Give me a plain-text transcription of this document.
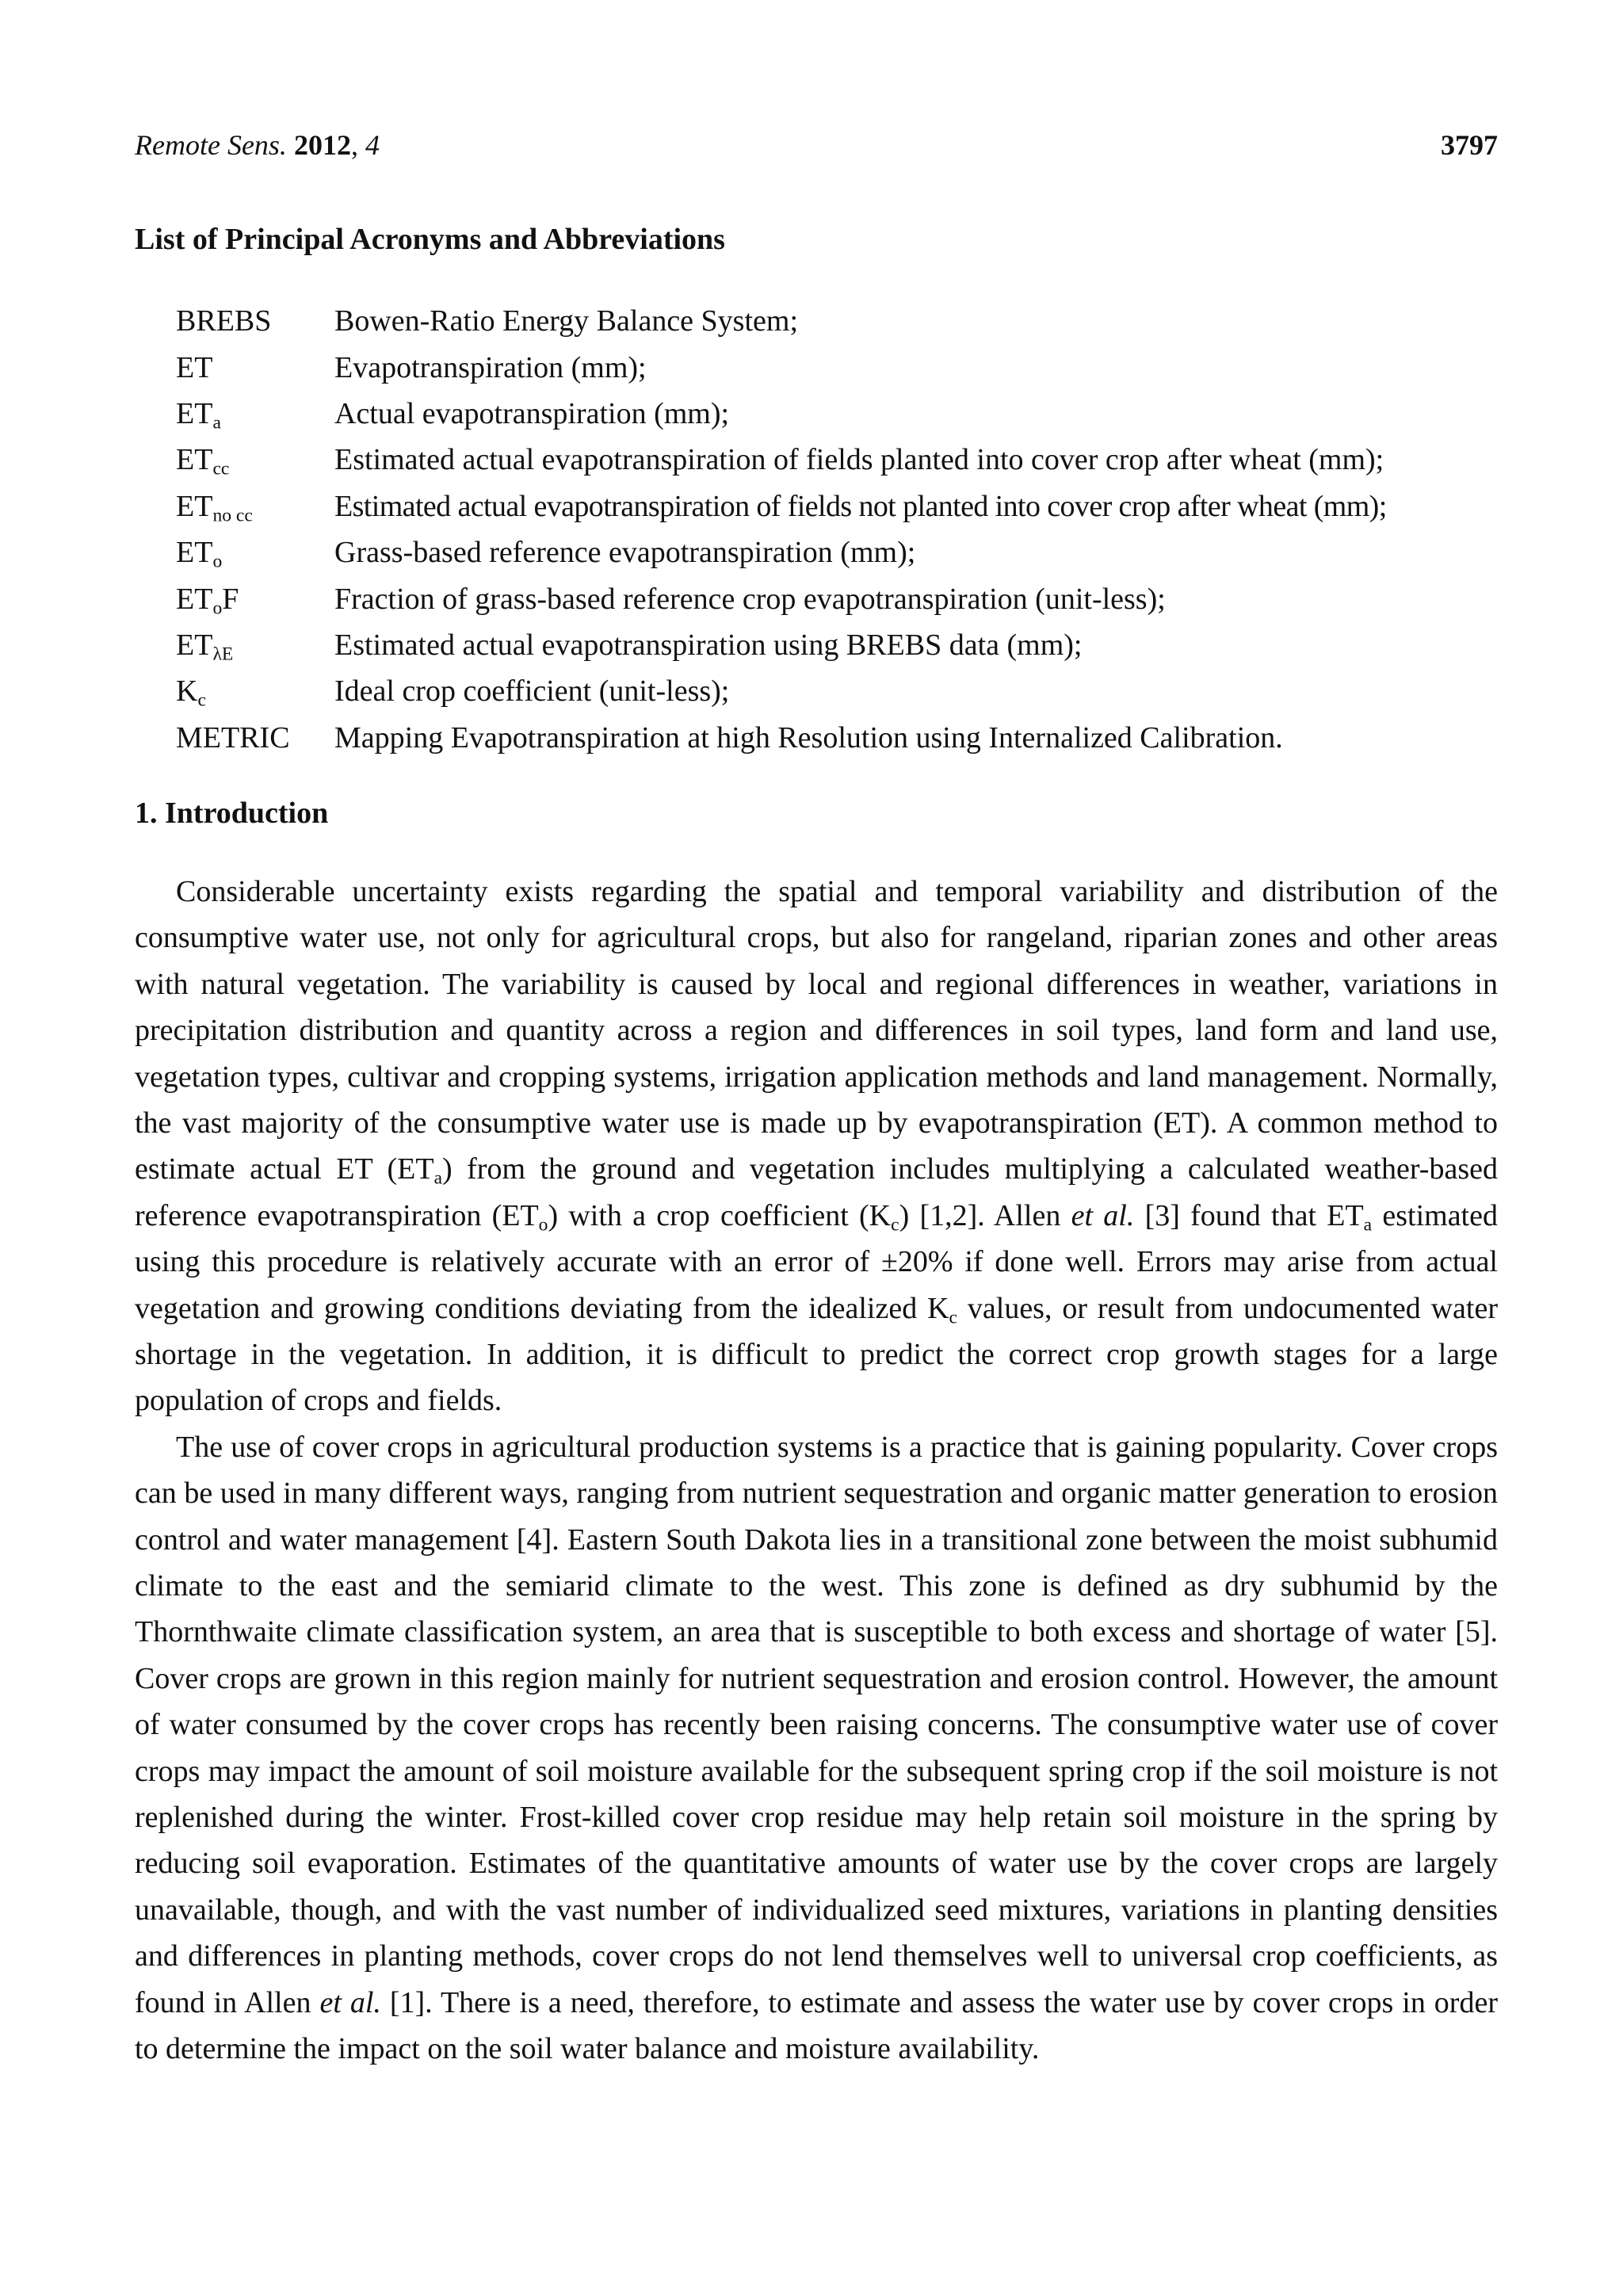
Remote Sens. 2012, 4	3797
List of Principal Acronyms and Abbreviations
BREBS	Bowen-Ratio Energy Balance System;
ET	Evapotranspiration (mm);
$ET_a$	Actual evapotranspiration (mm);
$ET_{cc}$	Estimated actual evapotranspiration of fields planted into cover crop after wheat (mm);
$ET_{no cc}$	Estimated actual evapotranspiration of fields not planted into cover crop after wheat (mm);
$ET_o$	Grass-based reference evapotranspiration (mm);
$ET_oF$	Fraction of grass-based reference crop evapotranspiration (unit-less);
$ET_{\lambda E}$	Estimated actual evapotranspiration using BREBS data (mm);
$K_c$	Ideal crop coefficient (unit-less);
METRIC	Mapping Evapotranspiration at high Resolution using Internalized Calibration.
1. Introduction

Considerable uncertainty exists regarding the spatial and temporal variability and distribution of the consumptive water use, not only for agricultural crops, but also for rangeland, riparian zones and other areas with natural vegetation. The variability is caused by local and regional differences in weather, variations in precipitation distribution and quantity across a region and differences in soil types, land form and land use, vegetation types, cultivar and cropping systems, irrigation application methods and land management. Normally, the vast majority of the consumptive water use is made up by evapotranspiration (ET). A common method to estimate actual ET $(ET_a)$ from the ground and vegetation includes multiplying a calculated weather-based reference evapotranspiration $(ET_o)$ with a crop coefficient $(K_c)$ [1,2]. Allen et al. [3] found that $ET_a$ estimated using this procedure is relatively accurate with an error of ±20% if done well. Errors may arise from actual vegetation and growing conditions deviating from the idealized $K_c$ values, or result from undocumented water shortage in the vegetation. In addition, it is difficult to predict the correct crop growth stages for a large population of crops and fields.

The use of cover crops in agricultural production systems is a practice that is gaining popularity. Cover crops can be used in many different ways, ranging from nutrient sequestration and organic matter generation to erosion control and water management [4]. Eastern South Dakota lies in a transitional zone between the moist subhumid climate to the east and the semiarid climate to the west. This zone is defined as dry subhumid by the Thornthwaite climate classification system, an area that is susceptible to both excess and shortage of water [5]. Cover crops are grown in this region mainly for nutrient sequestration and erosion control. However, the amount of water consumed by the cover crops has recently been raising concerns. The consumptive water use of cover crops may impact the amount of soil moisture available for the subsequent spring crop if the soil moisture is not replenished during the winter. Frost-killed cover crop residue may help retain soil moisture in the spring by reducing soil evaporation. Estimates of the quantitative amounts of water use by the cover crops are largely unavailable, though, and with the vast number of individualized seed mixtures, variations in planting densities and differences in planting methods, cover crops do not lend themselves well to universal crop coefficients, as found in Allen et al. [1]. There is a need, therefore, to estimate and assess the water use by cover crops in order to determine the impact on the soil water balance and moisture availability.
